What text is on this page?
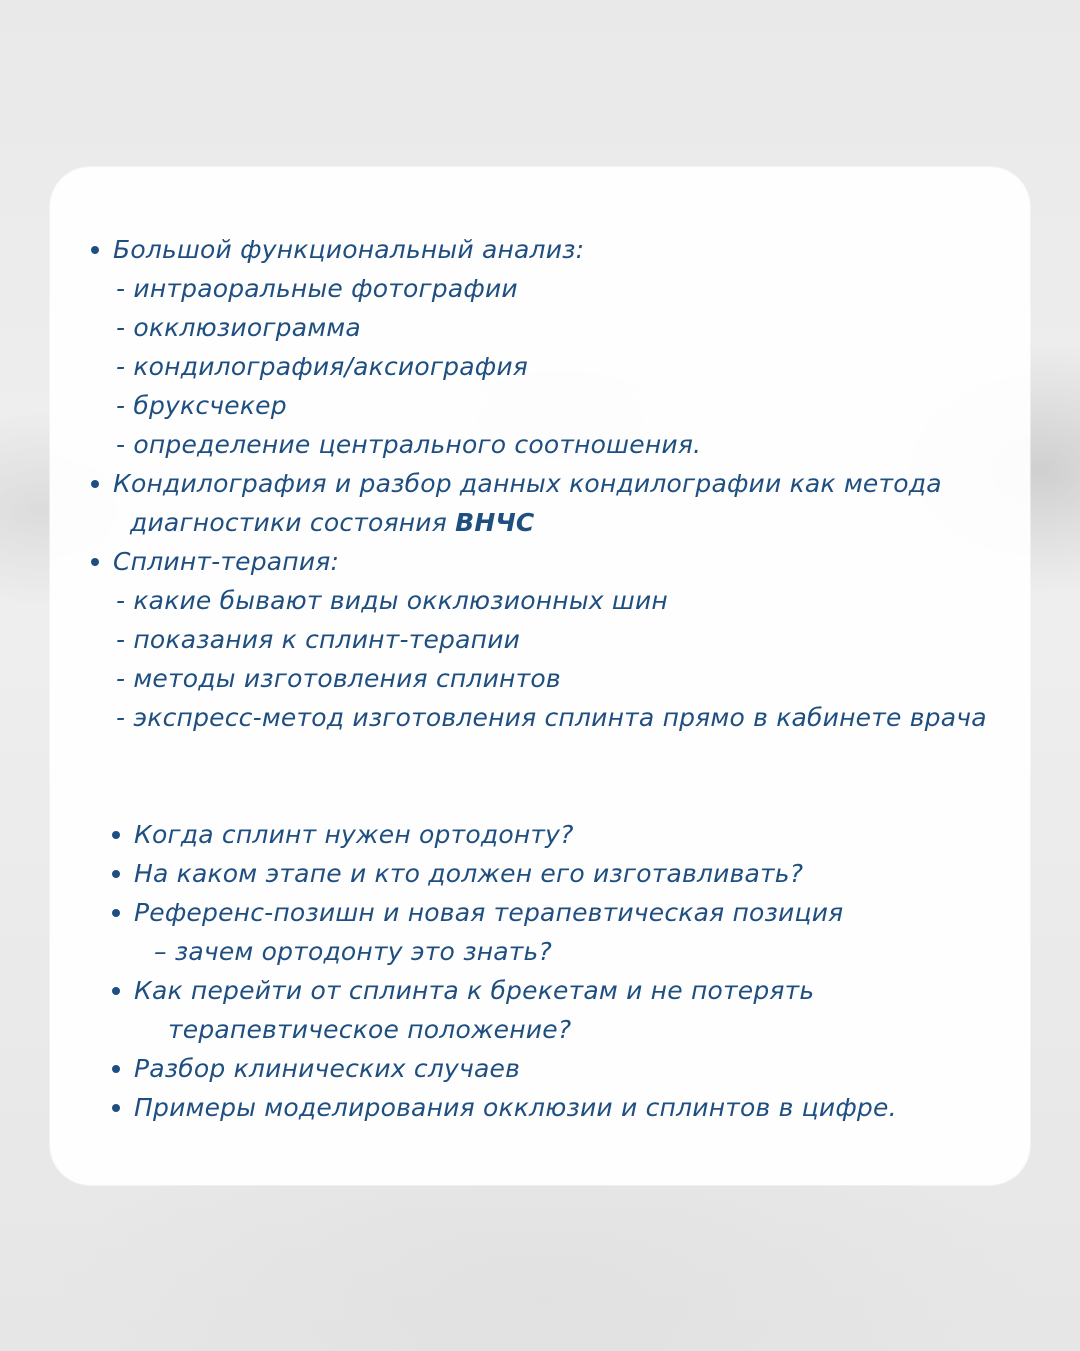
Большой функциональный анализ:
- интраоральные фотографии
- окклюзиограмма
- кондилография/аксиография
- бруксчекер
- определение центрального соотношения.
Кондилография и разбор данных кондилографии как метода
диагностики состояния ВНЧС
Сплинт-терапия:
- какие бывают виды окклюзионных шин
- показания к сплинт-терапии
- методы изготовления сплинтов
- экспресс-метод изготовления сплинта прямо в кабинете врача
Когда сплинт нужен ортодонту?
На каком этапе и кто должен его изготавливать?
Референс-позишн и новая терапевтическая позиция
– зачем ортодонту это знать?
Как перейти от сплинта к брекетам и не потерять
терапевтическое положение?
Разбор клинических случаев
Примеры моделирования окклюзии и сплинтов в цифре.
